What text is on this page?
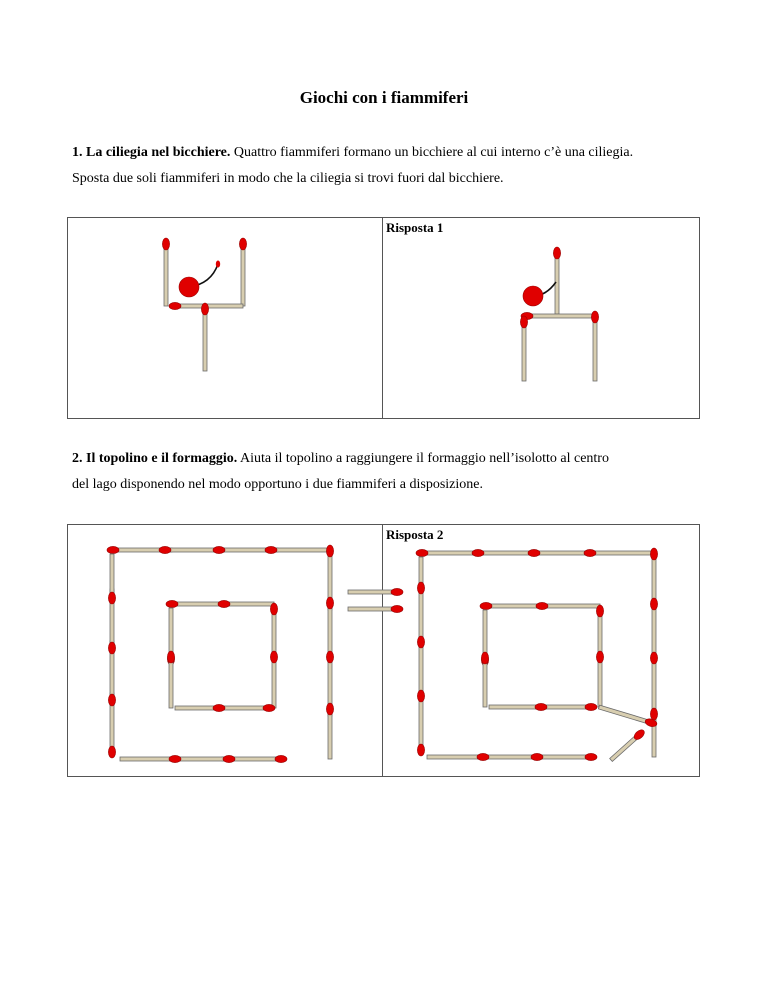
Giochi con i fiammiferi
1. La ciliegia nel bicchiere. Quattro fiammiferi formano un bicchiere al cui interno c’è una ciliegia.
Sposta due soli fiammiferi in modo che la ciliegia si trovi fuori dal bicchiere.
Risposta 1
2. Il topolino e il formaggio. Aiuta il topolino a raggiungere il formaggio nell’isolotto al centro
del lago disponendo nel modo opportuno i due fiammiferi a disposizione.
Risposta 2
